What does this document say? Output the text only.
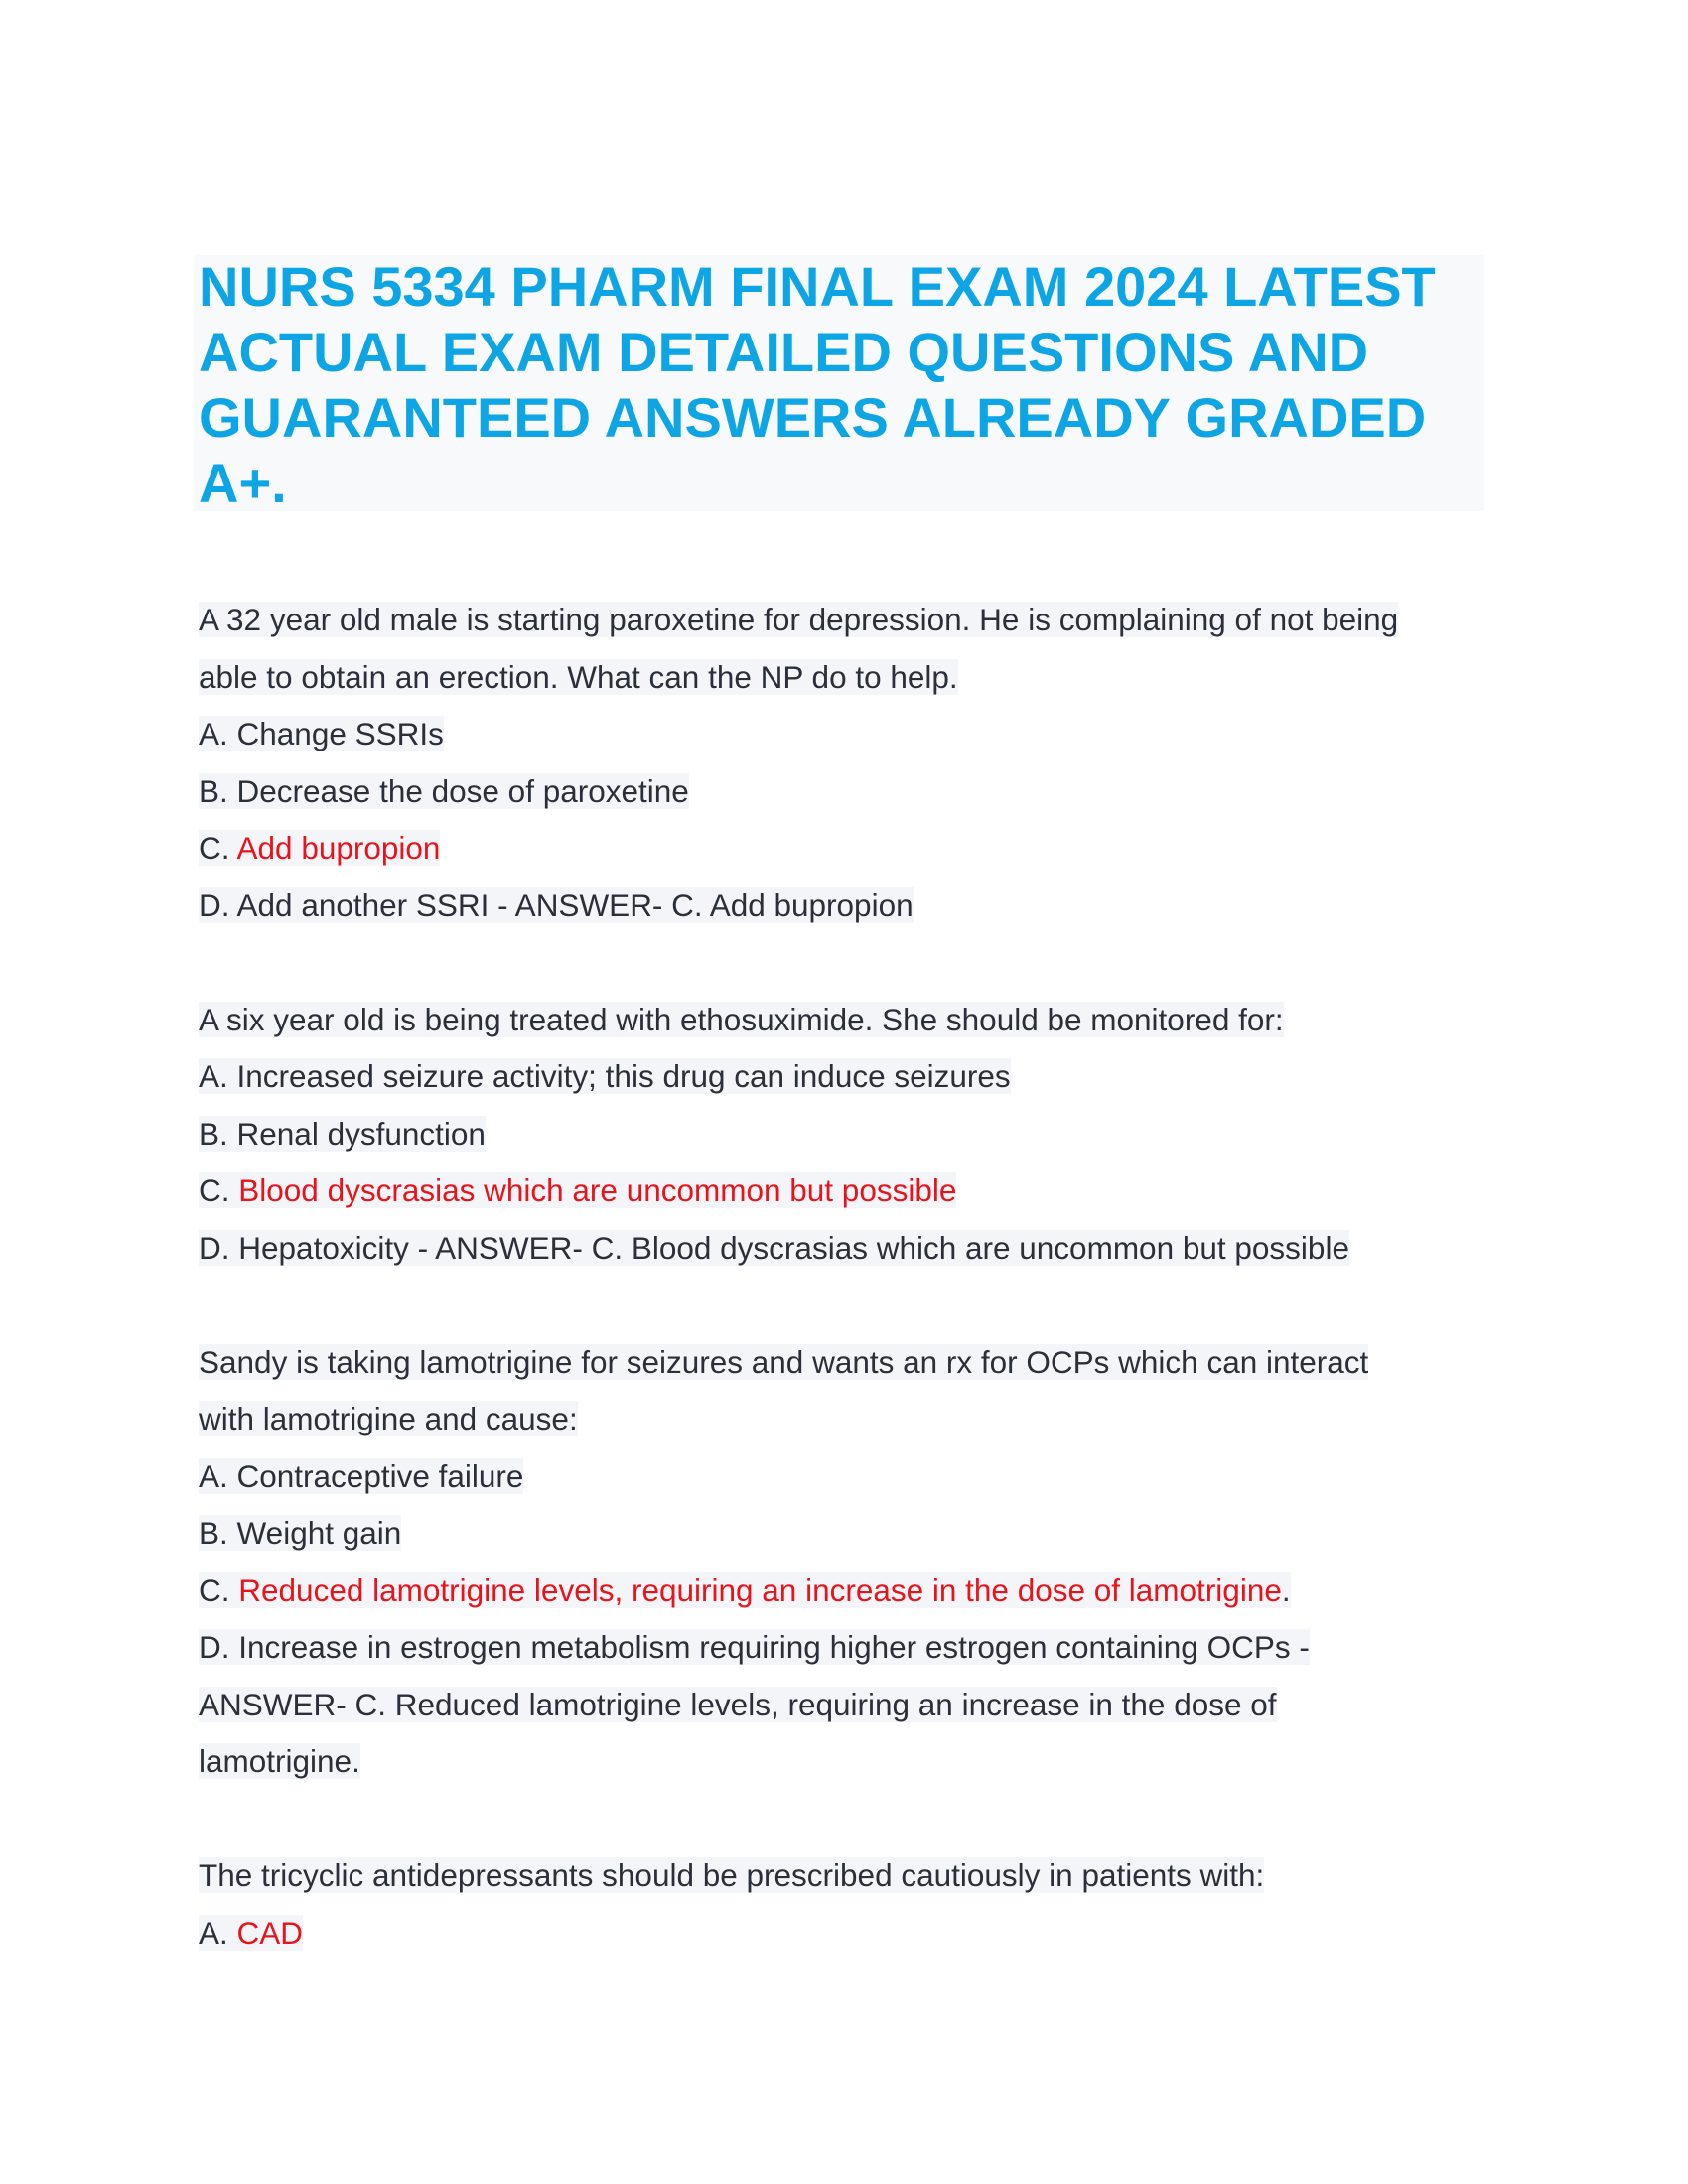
NURS 5334 PHARM FINAL EXAM 2024 LATEST ACTUAL EXAM DETAILED QUESTIONS AND GUARANTEED ANSWERS ALREADY GRADED A+.
A 32 year old male is starting paroxetine for depression. He is complaining of not being
able to obtain an erection. What can the NP do to help.
A. Change SSRIs
B. Decrease the dose of paroxetine
C. Add bupropion
D. Add another SSRI - ANSWER- C. Add bupropion
A six year old is being treated with ethosuximide. She should be monitored for:
A. Increased seizure activity; this drug can induce seizures
B. Renal dysfunction
C. Blood dyscrasias which are uncommon but possible
D. Hepatoxicity - ANSWER- C. Blood dyscrasias which are uncommon but possible
Sandy is taking lamotrigine for seizures and wants an rx for OCPs which can interact
with lamotrigine and cause:
A. Contraceptive failure
B. Weight gain
C. Reduced lamotrigine levels, requiring an increase in the dose of lamotrigine.
D. Increase in estrogen metabolism requiring higher estrogen containing OCPs -
ANSWER- C. Reduced lamotrigine levels, requiring an increase in the dose of
lamotrigine.
The tricyclic antidepressants should be prescribed cautiously in patients with:
A. CAD
